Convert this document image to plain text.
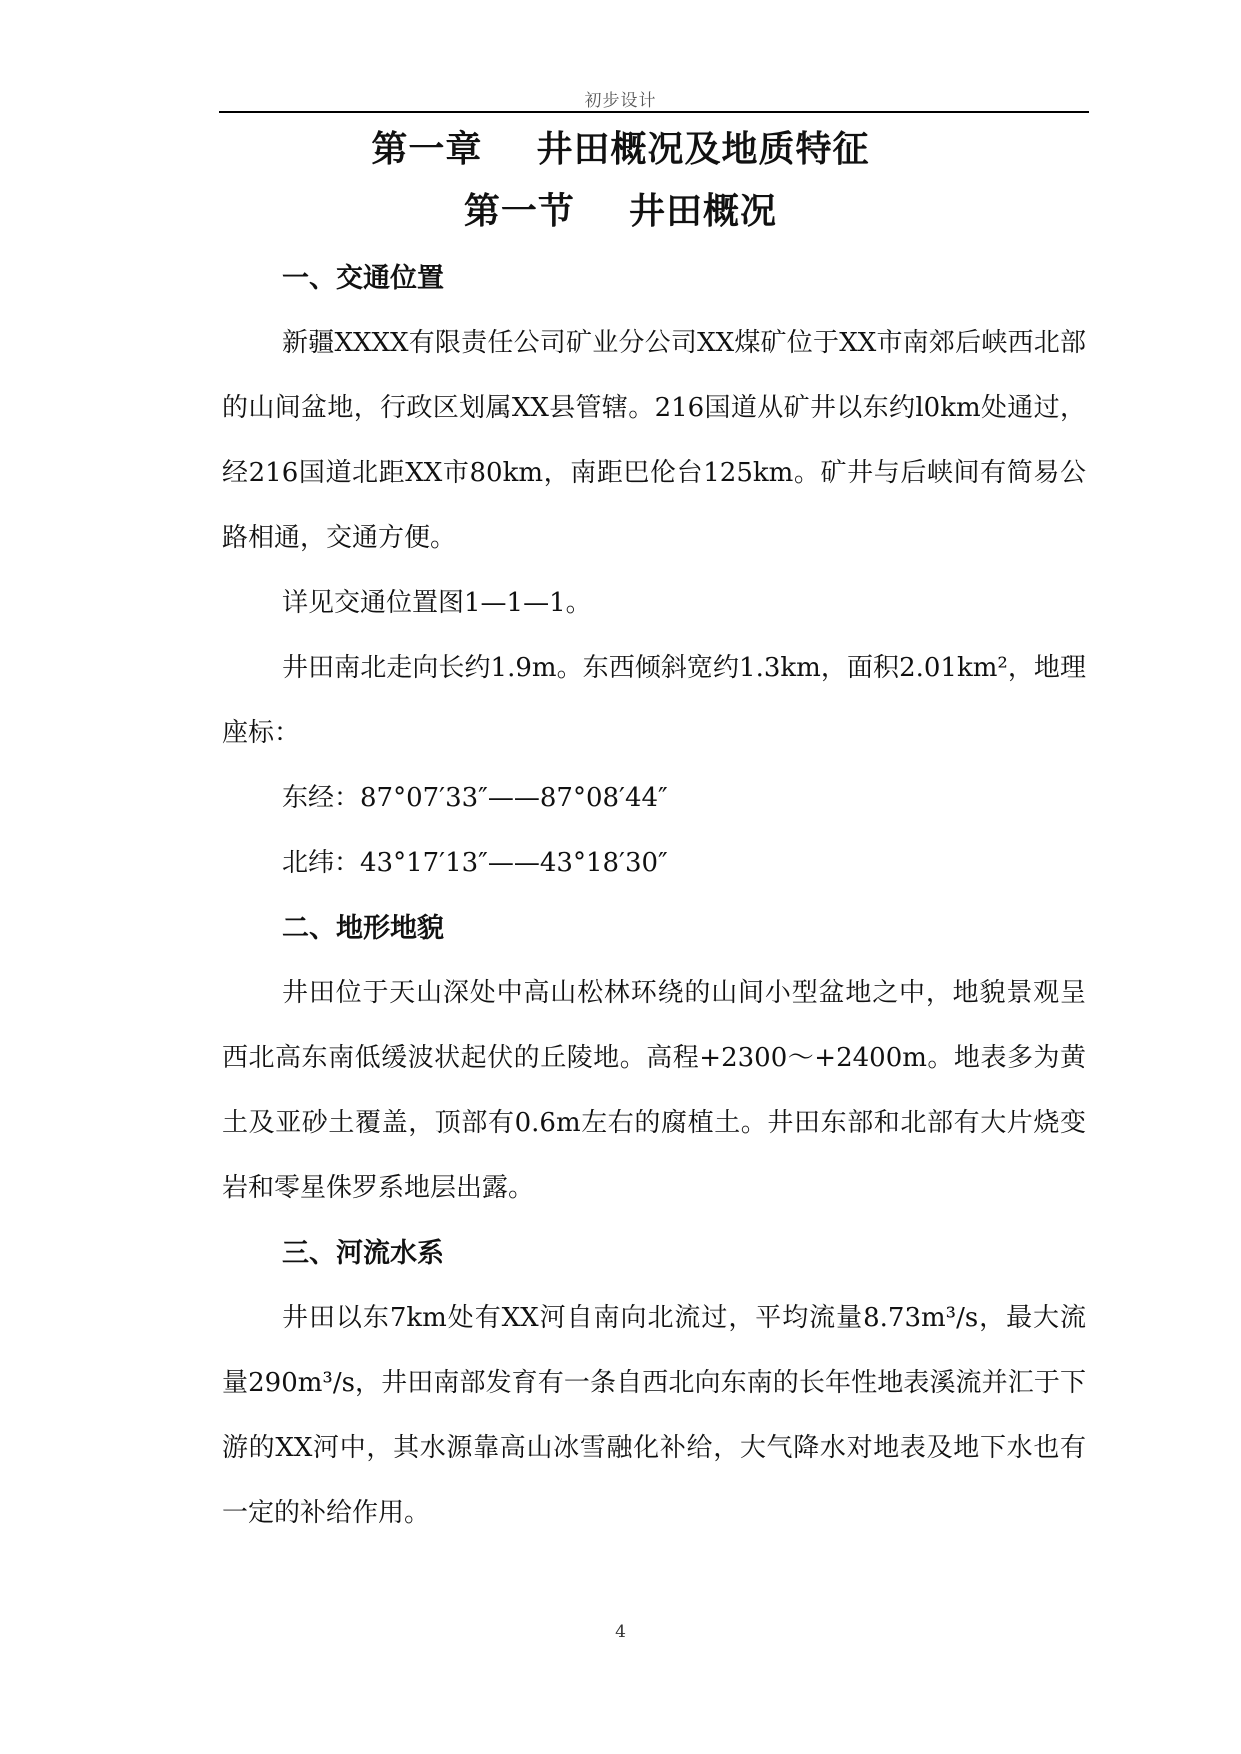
初步设计
第一章    井田概况及地质特征
第一节    井田概况
一、交通位置

新疆XXXX有限责任公司矿业分公司XX煤矿位于XX市南郊后峡西北部的山间盆地，行政区划属XX县管辖。216国道从矿井以东约l0km处通过，经216国道北距XX市80km，南距巴伦台125km。矿井与后峡间有简易公路相通，交通方便。

详见交通位置图1—1—1。

井田南北走向长约1.9m。东西倾斜宽约1.3km，面积2.01km²，地理座标：

东经：87°07′33″——87°08′44″

北纬：43°17′13″——43°18′30″

二、地形地貌

井田位于天山深处中高山松林环绕的山间小型盆地之中，地貌景观呈西北高东南低缓波状起伏的丘陵地。高程+2300～+2400m。地表多为黄土及亚砂土覆盖，顶部有0.6m左右的腐植土。井田东部和北部有大片烧变岩和零星侏罗系地层出露。

三、河流水系

井田以东7km处有XX河自南向北流过，平均流量8.73m³/s，最大流量290m³/s，井田南部发育有一条自西北向东南的长年性地表溪流并汇于下游的XX河中，其水源靠高山冰雪融化补给，大气降水对地表及地下水也有一定的补给作用。

4
